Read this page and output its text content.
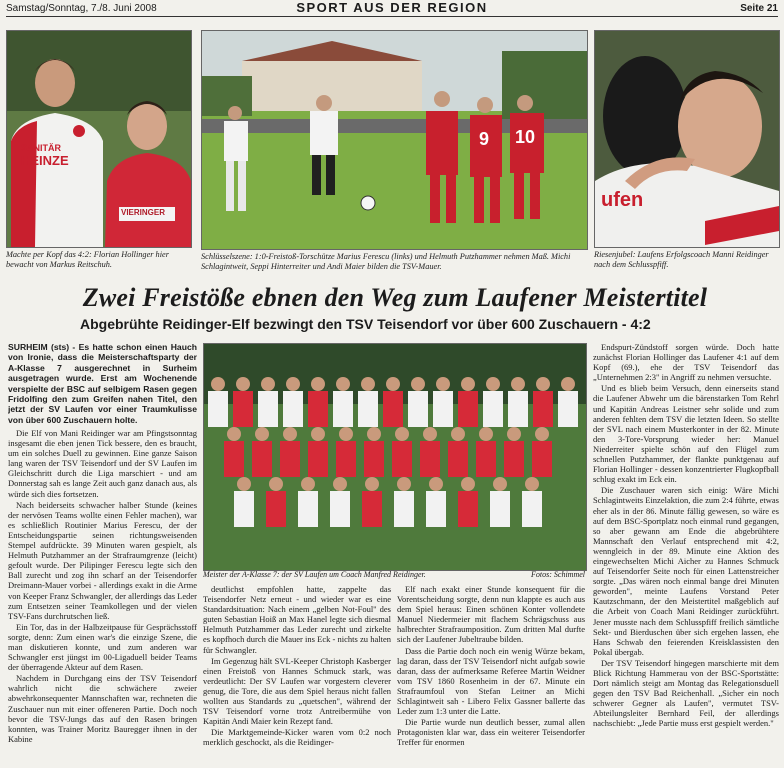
Samstag/Sonntag, 7./8. Juni 2008	SPORT AUS DER REGION	Seite 21
SANITÄR
HEINZE
VIERINGER
Machte per Kopf das 4:2: Florian Hollinger hier bewacht von Markus Reitschuh.
9 10
Schlüsselszene: 1:0-Freistoß-Torschütze Marius Ferescu (links) und Helmuth Putzhammer nehmen Maß. Michi Schlagintweit, Seppi Hinterreiter und Andi Maier bilden die TSV-Mauer.
ufen
Riesenjubel: Laufens Erfolgscoach Manni Reidinger nach dem Schlusspfiff.
Zwei Freistöße ebnen den Weg zum Laufener Meistertitel
Abgebrühte Reidinger-Elf bezwingt den TSV Teisendorf vor über 600 Zuschauern - 4:2
SURHEIM (sts) - Es hatte schon einen Hauch von Ironie, dass die Meisterschaftsparty der A-Klasse 7 ausgerechnet in Surheim ausgetragen wurde. Erst am Wochenende verspielte der BSC auf selbigem Rasen gegen Fridolfing den zum Greifen nahen Titel, den jetzt der SV Laufen vor einer Traumkulisse von über 600 Zuschauern holte.

Die Elf von Mani Reidinger war am Pfingstsonntag insgesamt die eben jenen Tick bessere, den es braucht, um ein solches Duell zu gewinnen. Eine ganze Saison lang waren der TSV Teisendorf und der SV Laufen im Gleichschritt durch die Liga marschiert - und am Donnerstag sah es lange Zeit auch ganz danach aus, als würde sich dies fortsetzen.

Nach beiderseits schwacher halber Stunde (keines der nervösen Teams wollte einen Fehler machen), war es schließlich Routinier Marius Ferescu, der der Entscheidungspartie seinen richtungsweisenden Stempel aufdrückte. 39 Minuten waren gespielt, als Helmuth Putzhammer an der Strafraumgrenze (leicht) gefoult wurde. Der Pilipinger Ferescu legte sich den Ball zurecht und zog ihn scharf an der Teisendorfer Dreimann-Mauer vorbei - allerdings exakt in die Arme von Keeper Franz Schwangler, der allerdings das Leder zum Entsetzen seiner Teamkollegen und der vielen TSV-Fans durchrutschen ließ.

Ein Tor, das in der Halbzeitpause für Gesprächsstoff sorgte, denn: Zum einen war's die einzige Szene, die man diskutieren konnte, und zum anderen war Schwangler erst jüngst im 00-Ligaduell beider Teams der überragende Akteur auf dem Rasen.

Nachdem in Durchgang eins der TSV Teisendorf wahrlich nicht die schwächere zweier abwehrkonsequenter Mannschaften war, rechneten die Zuschauer nun mit einer offeneren Partie. Doch noch bevor die TSV-Jungs das auf den Rasen bringen konnten, was Trainer Moritz Bauregger ihnen in der Kabine

Meister der A-Klasse 7: der SV Laufen um Coach Manfred Reidinger.	Fotos: Schimmel

deutlichst empfohlen hatte, zappelte das Teisendorfer Netz erneut - und wieder war es eine Standardsituation: Nach einem „gelben Not-Foul" des guten Sebastian Hoiß an Max Hanel legte sich diesmal Helmuth Putzhammer das Leder zurecht und zirkelte es kopfhoch durch die Mauer ins Eck - nichts zu halten für Schwangler.

Im Gegenzug hält SVL-Keeper Christoph Kasberger einen Freistoß von Hannes Schmuck stark, was verdeutlicht: Der SV Laufen war vorgestern cleverer genug, die Tore, die aus dem Spiel heraus nicht fallen wollten aus Standards zu „quetschen", während der TSV Teisendorf vorne trotz Antreibermühe von Kapitän Andi Maier kein Rezept fand.

Die Marktgemeinde-Kicker waren vom 0:2 noch merklich geschockt, als die Reidinger-

Elf nach exakt einer Stunde konsequent für die Vorentscheidung sorgte, denn nun klappte es auch aus dem Spiel heraus: Einen schönen Konter vollendete Manuel Niedermeier mit flachem Schrägschuss aus halbrechter Strafraumposition. Zum dritten Mal durfte sich der Laufener Jubeltraube bilden.

Dass die Partie doch noch ein wenig Würze bekam, lag daran, dass der TSV Teisendorf nicht aufgab sowie daran, dass der aufmerksame Referee Martin Weidner vom TSV 1860 Rosenheim in der 67. Minute ein Strafraumfoul von Stefan Leitner an Michi Schlagintweit sah - Libero Felix Gassner ballerte das Leder zum 1:3 unter die Latte.

Die Partie wurde nun deutlich besser, zumal allen Protagonisten klar war, dass ein weiterer Teisendorfer Treffer für enormen

Endspurt-Zündstoff sorgen würde. Doch hatte zunächst Florian Hollinger das Laufener 4:1 auf dem Kopf (69.), ehe der TSV Teisendorf das „Unternehmen 2:3" in Angriff zu nehmen versuchte.

Und es blieb beim Versuch, denn einerseits stand die Laufener Abwehr um die bärenstarken Tom Rehrl und Kapitän Andreas Leistner sehr solide und zum anderen fehlten dem TSV die letzten Ideen. So stellte der SVL nach einem Musterkonter in der 82. Minute den 3-Tore-Vorsprung wieder her: Manuel Niederreiter spielte schön auf den Flügel zum schnellen Putzhammer, der flankte punktgenau auf Florian Hollinger - dessen konzentrierter Flugkopfball schlug exakt im Eck ein.

Die Zuschauer waren sich einig: Wäre Michi Schlagintweits Einzelaktion, die zum 2:4 führte, etwas eher als in der 86. Minute fällig gewesen, so wäre es auf dem BSC-Sportplatz noch einmal rund gegangen, so aber gewann am Ende die abgebrühtere Mannschaft den Verlauf entsprechend mit 4:2, wenngleich in der 89. Minute eine Aktion des eingewechselten Michi Aicher zu Hannes Schmuck auf Teisendorfer Seite noch für einen Lattenstreicher sorgte. „Das wären noch einmal bange drei Minuten geworden", meinte Laufens Vorstand Peter Kautzschmann, der den Meistertitel maßgeblich auf die Arbeit von Coach Mani Reidinger zurückführt. Jener musste nach dem Schlusspfiff freilich sämtliche Sekt- und Bierduschen über sich ergehen lassen, ehe Hans Schwab den feierenden Kreisklassisten den Pokal übergab.

Der TSV Teisendorf hingegen marschierte mit dem Blick Richtung Hammerau von der BSC-Sportstätte: Dort nämlich steigt am Montag das Relegationsduell gegen den TSV Bad Reichenhall. „Sicher ein noch schwerer Gegner als Laufen", vermutet TSV-Abteilungsleiter Bernhard Feil, der allerdings nachschiebt: „Jede Partie muss erst gespielt werden."
